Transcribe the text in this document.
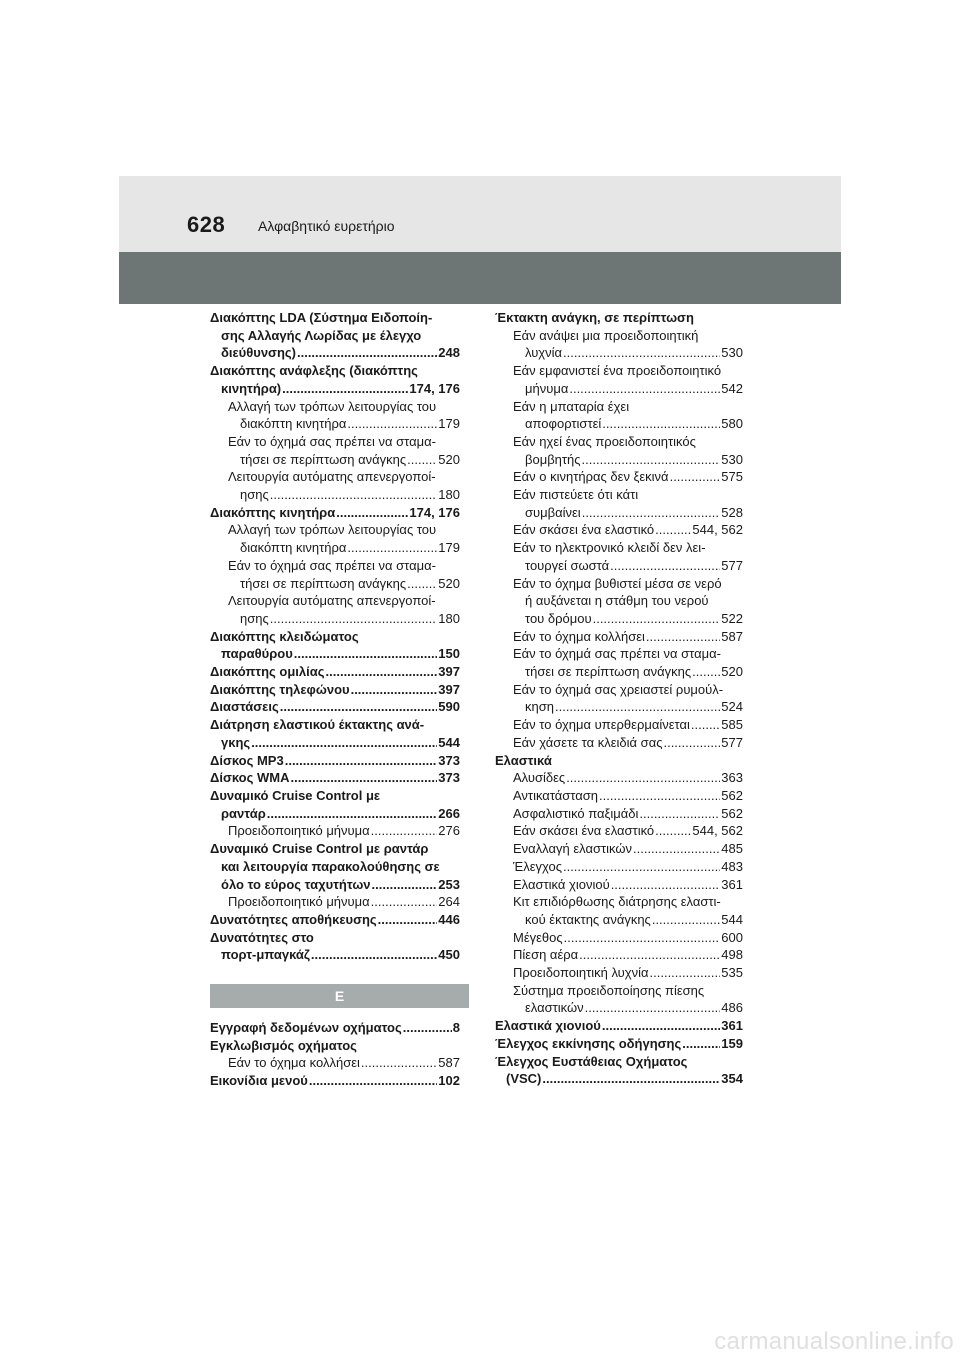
628 Αλφαβητικό ευρετήριο
Διακόπτης LDA (Σύστημα Ειδοποίη-
σης Αλλαγής Λωρίδας με έλεγχο
διεύθυνσης) .....	248
Διακόπτης ανάφλεξης (διακόπτης
κινητήρα) .....	174, 176
Αλλαγή των τρόπων λειτουργίας του
διακόπτη κινητήρα .....	179
Εάν το όχημά σας πρέπει να σταμα-
τήσει σε περίπτωση ανάγκης ..... 520
Λειτουργία αυτόματης απενεργοποί-
ησης .....	180
Διακόπτης κινητήρα .....	174, 176
Αλλαγή των τρόπων λειτουργίας του
διακόπτη κινητήρα .....	179
Εάν το όχημά σας πρέπει να σταμα-
τήσει σε περίπτωση ανάγκης ..... 520
Λειτουργία αυτόματης απενεργοποί-
ησης .....	180
Διακόπτης κλειδώματος
παραθύρου .....	150
Διακόπτης ομιλίας .....	397
Διακόπτης τηλεφώνου .....	397
Διαστάσεις .....	590
Διάτρηση ελαστικού έκτακτης ανά-
γκης .....	544
Δίσκος MP3 .....	373
Δίσκος WMA .....	373
Δυναμικό Cruise Control με
ραντάρ .....	266
Προειδοποιητικό μήνυμα .....	276
Δυναμικό Cruise Control με ραντάρ
και λειτουργία παρακολούθησης σε
όλο το εύρος ταχυτήτων .....	253
Προειδοποιητικό μήνυμα .....	264
Δυνατότητες αποθήκευσης .....	446
Δυνατότητες στο
πορτ-μπαγκάζ .....	450
Ε
Εγγραφή δεδομένων οχήματος .....	8
Εγκλωβισμός οχήματος
Εάν το όχημα κολλήσει .....	587
Εικονίδια μενού .....	102
Έκτακτη ανάγκη, σε περίπτωση
Εάν ανάψει μια προειδοποιητική
λυχνία .....	530
Εάν εμφανιστεί ένα προειδοποιητικό
μήνυμα .....	542
Εάν η μπαταρία έχει
αποφορτιστεί .....	580
Εάν ηχεί ένας προειδοποιητικός
βομβητής .....	530
Εάν ο κινητήρας δεν ξεκινά .....	575
Εάν πιστεύετε ότι κάτι
συμβαίνει .....	528
Εάν σκάσει ένα ελαστικό .....	544, 562
Εάν το ηλεκτρονικό κλειδί δεν λει-
τουργεί σωστά .....	577
Εάν το όχημα βυθιστεί μέσα σε νερό
ή αυξάνεται η στάθμη του νερού
του δρόμου .....	522
Εάν το όχημα κολλήσει .....	587
Εάν το όχημά σας πρέπει να σταμα-
τήσει σε περίπτωση ανάγκης ..... 520
Εάν το όχημά σας χρειαστεί ρυμούλ-
κηση .....	524
Εάν το όχημα υπερθερμαίνεται ..... 585
Εάν χάσετε τα κλειδιά σας .....	577
Ελαστικά
Αλυσίδες .....	363
Αντικατάσταση .....	562
Ασφαλιστικό παξιμάδι .....	562
Εάν σκάσει ένα ελαστικό .....	544, 562
Εναλλαγή ελαστικών .....	485
Έλεγχος .....	483
Ελαστικά χιονιού .....	361
Κιτ επιδιόρθωσης διάτρησης ελαστι-
κού έκτακτης ανάγκης .....	544
Μέγεθος .....	600
Πίεση αέρα .....	498
Προειδοποιητική λυχνία .....	535
Σύστημα προειδοποίησης πίεσης
ελαστικών .....	486
Ελαστικά χιονιού .....	361
Έλεγχος εκκίνησης οδήγησης .....	159
Έλεγχος Ευστάθειας Οχήματος
(VSC) .....	354
carmanualsonline.info
